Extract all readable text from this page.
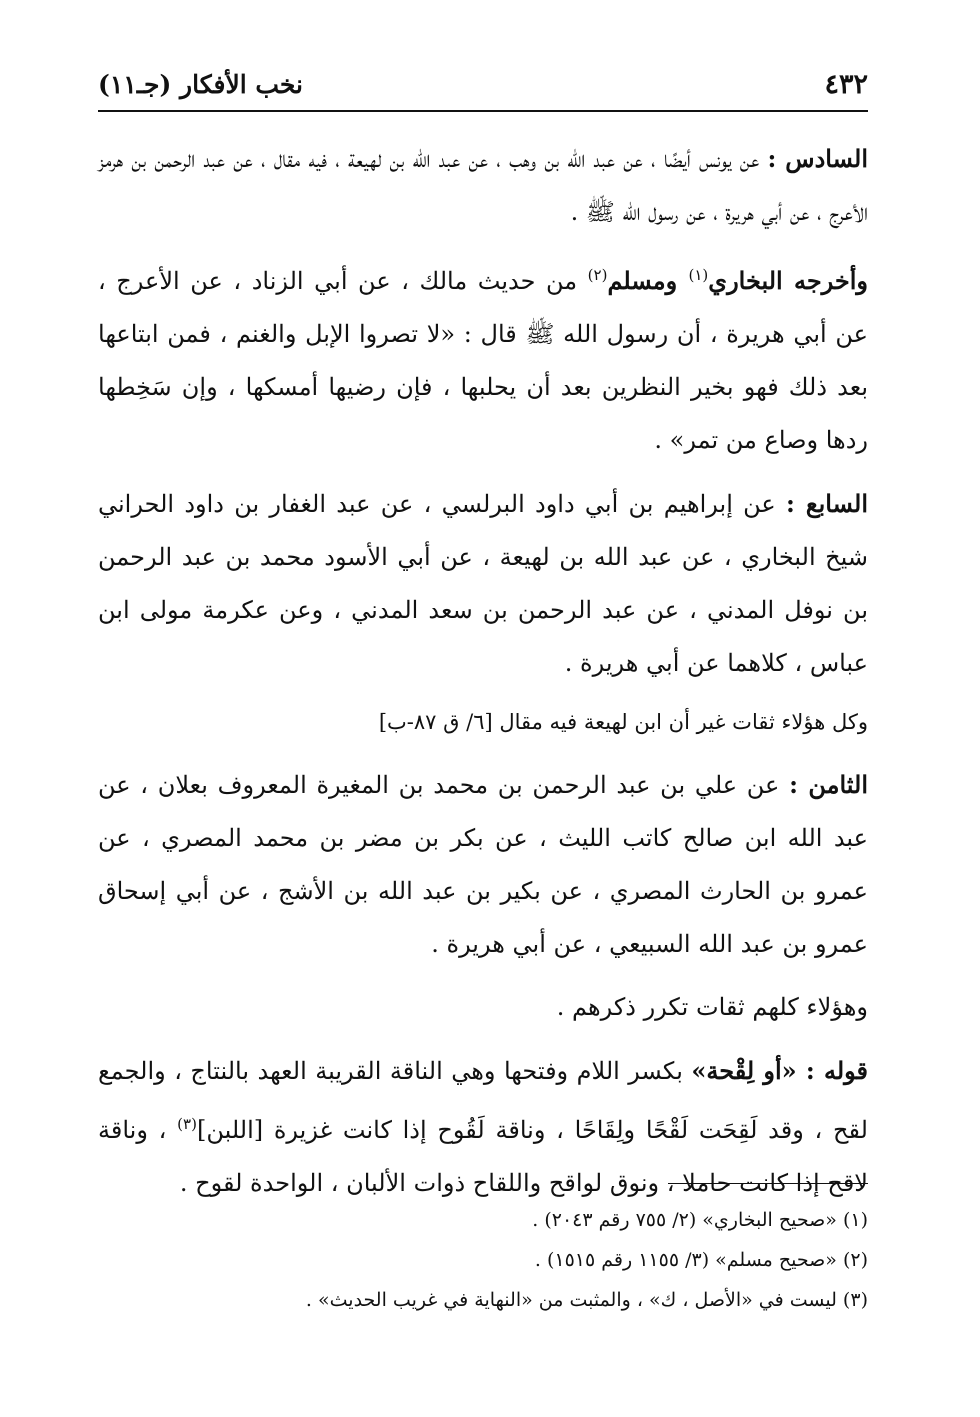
٤٣٢
نخب الأفكار (جـ١١)

السادس : عن يونس أيضًا ، عن عبد الله بن وهب ، عن عبد الله بن لهيعة ، فيه مقال ، عن عبد الرحمن بن هرمز الأعرج ، عن أبي هريرة ، عن رسول الله ﷺ .

وأخرجه البخاري$^{(١)}$ ومسلم$^{(٢)}$ من حديث مالك ، عن أبي الزناد ، عن الأعرج ، عن أبي هريرة ، أن رسول الله ﷺ قال : «لا تصروا الإبل والغنم ، فمن ابتاعها بعد ذلك فهو بخير النظرين بعد أن يحلبها ، فإن رضيها أمسكها ، وإن سَخِطها ردها وصاع من تمر» .

السابع : عن إبراهيم بن أبي داود البرلسي ، عن عبد الغفار بن داود الحراني شيخ البخاري ، عن عبد الله بن لهيعة ، عن أبي الأسود محمد بن عبد الرحمن بن نوفل المدني ، عن عبد الرحمن بن سعد المدني ، وعن عكرمة مولى ابن عباس ، كلاهما عن أبي هريرة .

وكل هؤلاء ثقات غير أن ابن لهيعة فيه مقال [٦/ ق ٨٧-ب]

الثامن : عن علي بن عبد الرحمن بن محمد بن المغيرة المعروف بعلان ، عن عبد الله ابن صالح كاتب الليث ، عن بكر بن مضر بن محمد المصري ، عن عمرو بن الحارث المصري ، عن بكير بن عبد الله بن الأشج ، عن أبي إسحاق عمرو بن عبد الله السبيعي ، عن أبي هريرة .

وهؤلاء كلهم ثقات تكرر ذكرهم .

قوله : «أو لِقْحة» بكسر اللام وفتحها وهي الناقة القريبة العهد بالنتاج ، والجمع لقح ، وقد لَقِحَت لَقْحًا ولِقَاحًا ، وناقة لَقُوح إذا كانت غزيرة [اللبن]$^{(٣)}$ ، وناقة لاقح إذا كانت حاملا ، ونوق لواقح واللقاح ذوات الألبان ، الواحدة لقوح .

(١) «صحيح البخاري» (٢/ ٧٥٥ رقم ٢٠٤٣) .
(٢) «صحيح مسلم» (٣/ ١١٥٥ رقم ١٥١٥) .
(٣) ليست في «الأصل ، ك» ، والمثبت من «النهاية في غريب الحديث» .
